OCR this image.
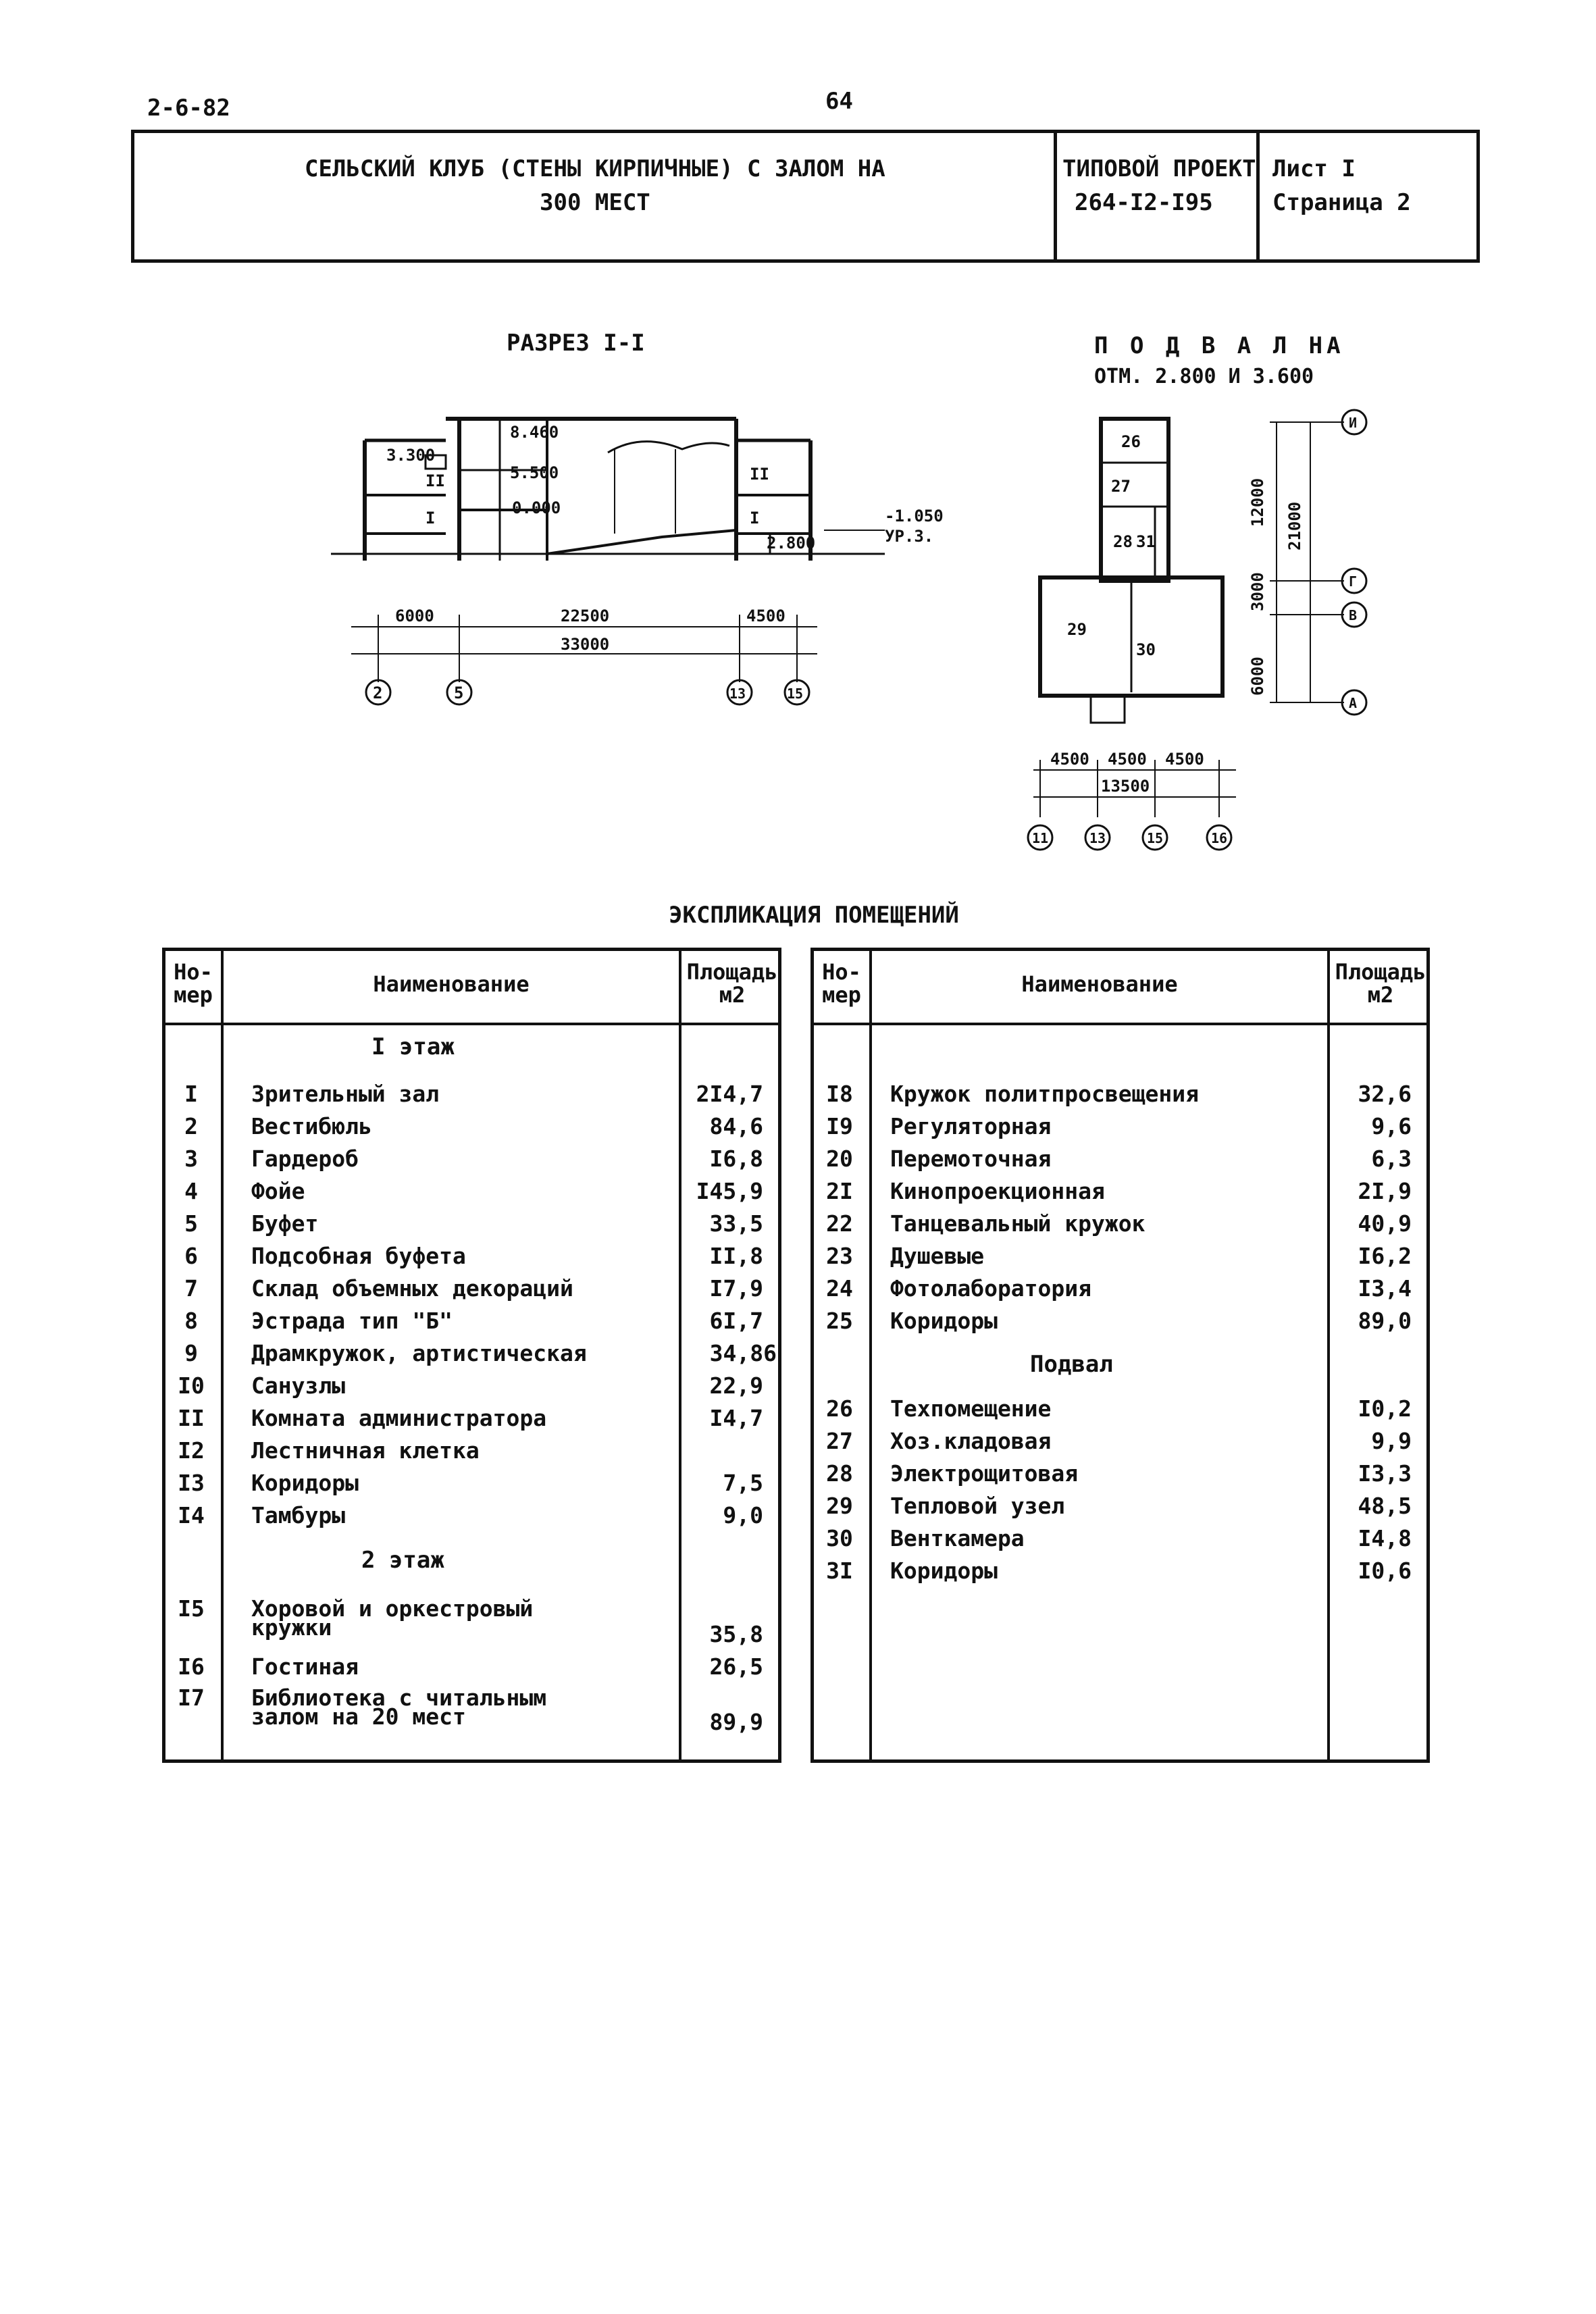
2-6-82	64
СЕЛЬСКИЙ КЛУБ (СТЕНЫ КИРПИЧНЫЕ) С ЗАЛОМ НА
300 МЕСТ
ТИПОВОЙ ПРОЕКТ
264-I2-I95
Лист I
Страница 2
РАЗРЕЗ I-I
3.300
8.460
5.500
0.000	-1.050
УР.З.
2.800
II
I
II
I
6000	22500	4500
33000
2	5	13	15
П О Д В А Л НА
ОТМ. 2.800 И 3.600
26
27
28 31
29
30
12000 21000
3000
6000
И
Г
В
А
4500 4500 4500
13500
11	13	15	16
ЭКСПЛИКАЦИЯ ПОМЕЩЕНИЙ
Но-
мер	Наименование	Площадь
м2
Но-
мер	Наименование	Площадь
м2
I этаж
I	Зрительный зал	2I4,7
2	Вестибюль	84,6
3	Гардероб	I6,8
4	Фойе	I45,9
5	Буфет	33,5
6	Подсобная буфета	II,8
7	Склад объемных декораций	I7,9
8	Эстрада тип "Б"	6I,7
9	Драмкружок, артистическая	34,86
I0	Санузлы	22,9
II	Комната администратора	I4,7
I2	Лестничная клетка
I3	Коридоры	7,5
I4	Тамбуры	9,0
2 этаж
I5	Хоровой и оркестровый
кружки	35,8
I6	Гостиная	26,5
I7	Библиотека с читальным
залом на 20 мест	89,9
I8	Кружок политпросвещения	32,6
I9	Регуляторная	9,6
20	Перемоточная	6,3
2I	Кинопроекционная	2I,9
22	Танцевальный кружок	40,9
23	Душевые	I6,2
24	Фотолаборатория	I3,4
25	Коридоры	89,0
Подвал
26	Техпомещение	I0,2
27	Хоз.кладовая	9,9
28	Электрощитовая	I3,3
29	Тепловой узел	48,5
30	Венткамера	I4,8
3I	Коридоры	I0,6
